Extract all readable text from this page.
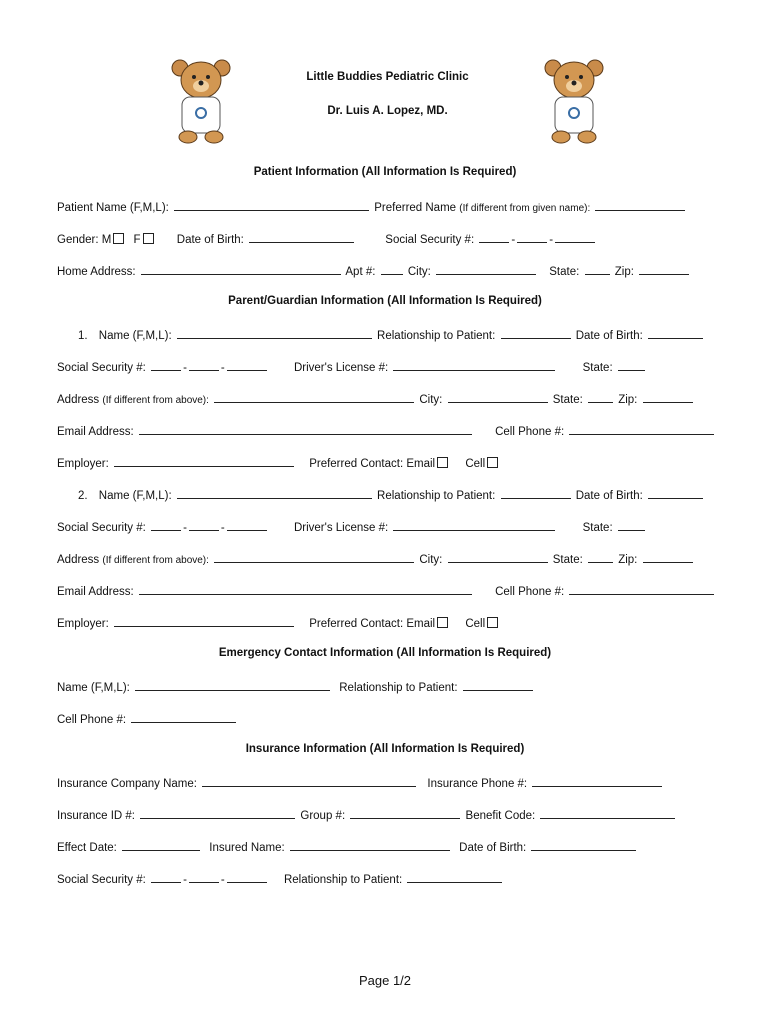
Little Buddies Pediatric Clinic
Dr. Luis A. Lopez, MD.
Patient Information (All Information Is Required)
Patient Name (F,M,L):	Preferred Name (If different from given name):
Gender: M F	Date of Birth:	Social Security #:	-	-
Home Address:	Apt #:	City:	State:	Zip:
Parent/Guardian Information (All Information Is Required)
1. Name (F,M,L):	Relationship to Patient:	Date of Birth:
Social Security #:	-	-	Driver's License #:	State:
Address (If different from above):	City:	State:	Zip:
Email Address:	Cell Phone #:
Employer:	Preferred Contact: Email	Cell
2. Name (F,M,L):	Relationship to Patient:	Date of Birth:
Social Security #:	-	-	Driver's License #:	State:
Address (If different from above):	City:	State:	Zip:
Email Address:	Cell Phone #:
Employer:	Preferred Contact: Email	Cell
Emergency Contact Information (All Information Is Required)
Name (F,M,L):	Relationship to Patient:
Cell Phone #:
Insurance Information (All Information Is Required)
Insurance Company Name:	Insurance Phone #:
Insurance ID #:	Group #:	Benefit Code:
Effect Date:	Insured Name:	Date of Birth:
Social Security #:	-	-	Relationship to Patient:
Page 1/2
